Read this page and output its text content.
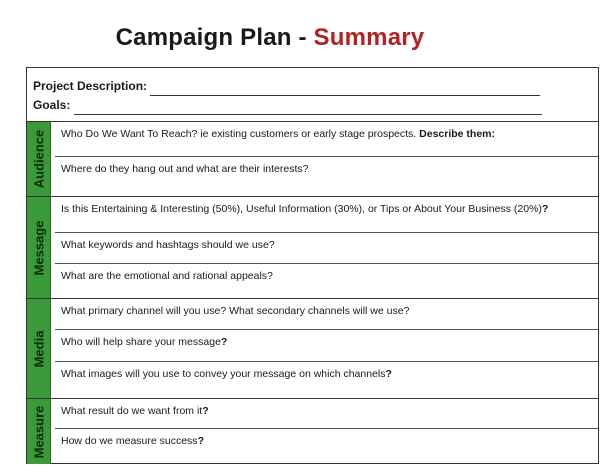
Campaign Plan - Summary
Project Description:
Goals:
Audience	Who Do We Want To Reach? ie existing customers or early stage prospects. Describe them:
Where do they hang out and what are their interests?
Message
Is this Entertaining & Interesting (50%), Useful Information (30%), or Tips or About Your Business (20%)?
What keywords and hashtags should we use?
What are the emotional and rational appeals?
Media
What primary channel will you use? What secondary channels will we use?
Who will help share your message?
What images will you use to convey your message on which channels?
Measure	What result do we want from it?
How do we measure success?
